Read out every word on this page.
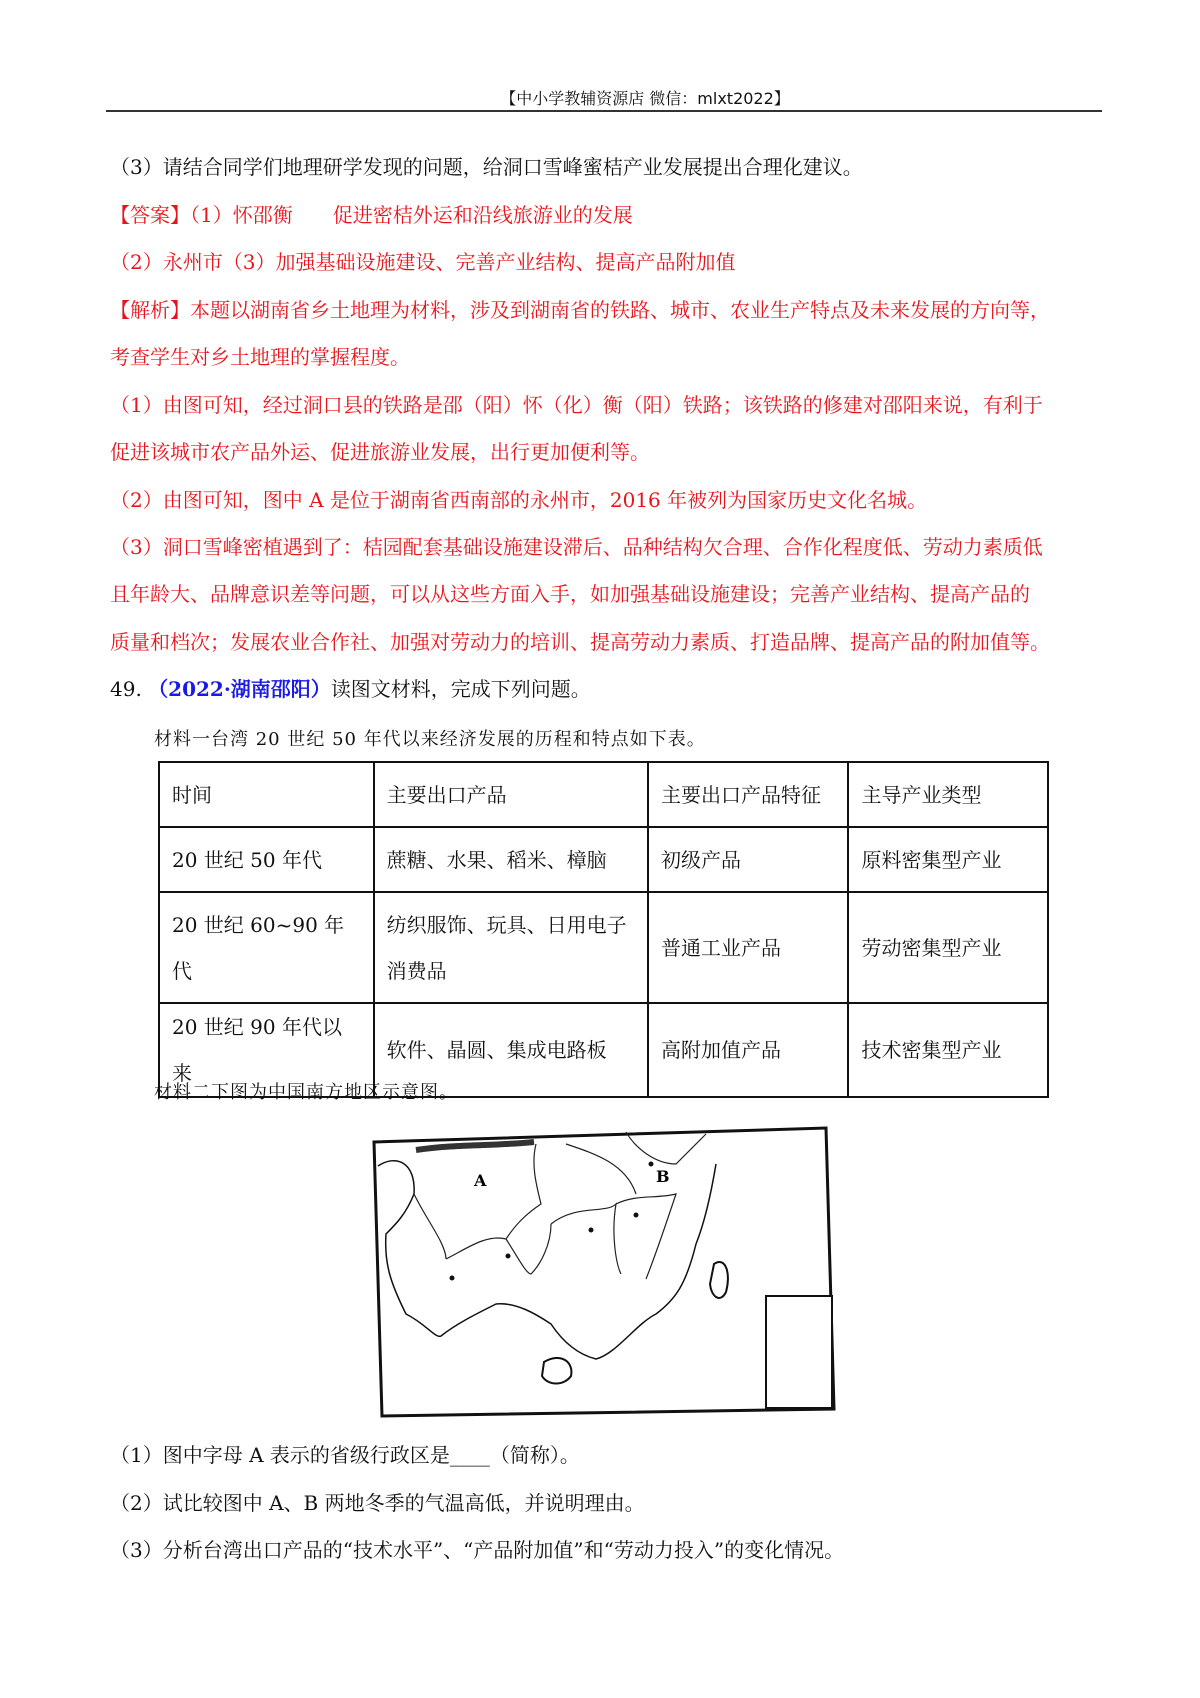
【中小学教辅资源店 微信：mlxt2022】
（3）请结合同学们地理研学发现的问题，给洞口雪峰蜜桔产业发展提出合理化建议。
【答案】（1）怀邵衡　　促进密桔外运和沿线旅游业的发展
（2）永州市（3）加强基础设施建设、完善产业结构、提高产品附加值
【解析】本题以湖南省乡土地理为材料，涉及到湖南省的铁路、城市、农业生产特点及未来发展的方向等，
考查学生对乡土地理的掌握程度。
（1）由图可知，经过洞口县的铁路是邵（阳）怀（化）衡（阳）铁路；该铁路的修建对邵阳来说，有利于
促进该城市农产品外运、促进旅游业发展，出行更加便利等。
（2）由图可知，图中 A 是位于湖南省西南部的永州市，2016 年被列为国家历史文化名城。
（3）洞口雪峰密植遇到了：桔园配套基础设施建设滞后、品种结构欠合理、合作化程度低、劳动力素质低
且年龄大、品牌意识差等问题，可以从这些方面入手，如加强基础设施建设；完善产业结构、提高产品的
质量和档次；发展农业合作社、加强对劳动力的培训、提高劳动力素质、打造品牌、提高产品的附加值等。
49. （2022·湖南邵阳）读图文材料，完成下列问题。
材料一台湾 20 世纪 50 年代以来经济发展的历程和特点如下表。
时间	主要出口产品	主要出口产品特征	主导产业类型
20 世纪 50 年代	蔗糖、水果、稻米、樟脑	初级产品	原料密集型产业
20 世纪 60~90 年代	纺织服饰、玩具、日用电子消费品	普通工业产品	劳动密集型产业
20 世纪 90 年代以来	软件、晶圆、集成电路板	高附加值产品	技术密集型产业
材料二下图为中国南方地区示意图。
A	B
（1）图中字母 A 表示的省级行政区是____（简称）。
（2）试比较图中 A、B 两地冬季的气温高低，并说明理由。
（3）分析台湾出口产品的“技术水平”、“产品附加值”和“劳动力投入”的变化情况。
